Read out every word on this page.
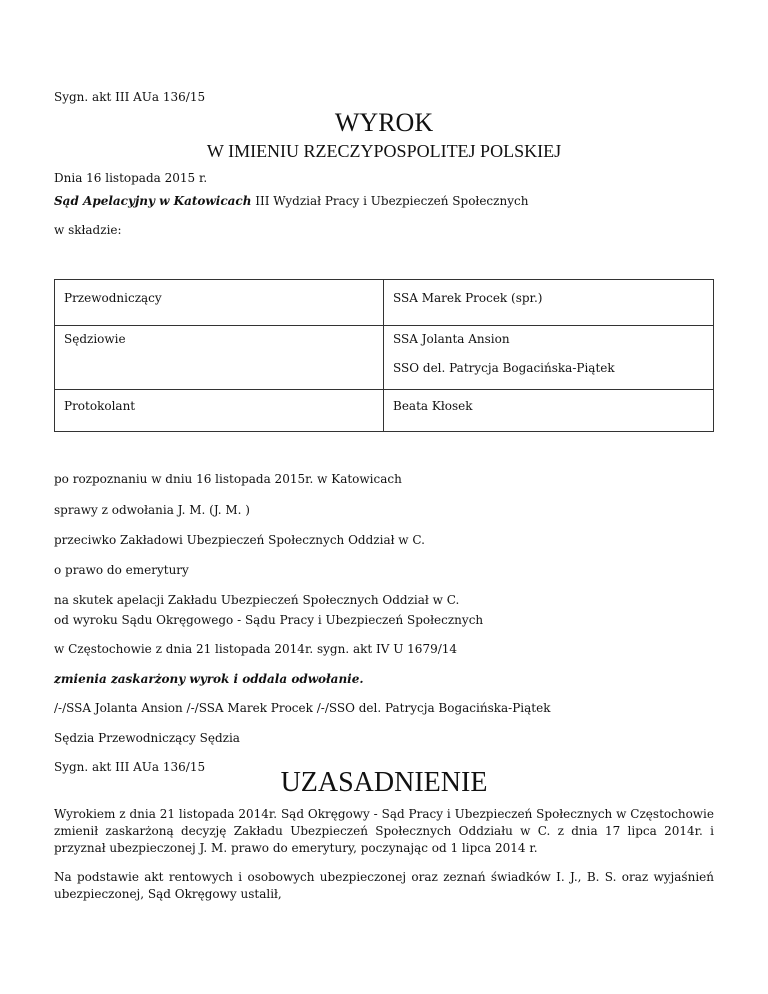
Sygn. akt III AUa 136/15
WYROK
W IMIENIU RZECZYPOSPOLITEJ POLSKIEJ
Dnia 16 listopada 2015 r.
Sąd Apelacyjny w Katowicach III Wydział Pracy i Ubezpieczeń Społecznych
w składzie:
Przewodniczący	SSA Marek Procek (spr.)

Sędziowie	SSA Jolanta Ansion
SSO del. Patrycja Bogacińska-Piątek

Protokolant	Beata Kłosek
po rozpoznaniu w dniu 16 listopada 2015r. w Katowicach
sprawy z odwołania J. M. (J. M. )
przeciwko Zakładowi Ubezpieczeń Społecznych Oddział w C.
o prawo do emerytury
na skutek apelacji Zakładu Ubezpieczeń Społecznych Oddział w C.
od wyroku Sądu Okręgowego - Sądu Pracy i Ubezpieczeń Społecznych
w Częstochowie z dnia 21 listopada 2014r. sygn. akt IV U 1679/14
zmienia zaskarżony wyrok i oddala odwołanie.
/-/SSA Jolanta Ansion /-/SSA Marek Procek /-/SSO del. Patrycja Bogacińska-Piątek
Sędzia Przewodniczący Sędzia
Sygn. akt III AUa 136/15	UZASADNIENIE
Wyrokiem z dnia 21 listopada 2014r. Sąd Okręgowy - Sąd Pracy i Ubezpieczeń Społecznych w Częstochowie zmienił zaskarżoną decyzję Zakładu Ubezpieczeń Społecznych Oddziału w C. z dnia 17 lipca 2014r. i przyznał ubezpieczonej J. M. prawo do emerytury, poczynając od 1 lipca 2014 r.
Na podstawie akt rentowych i osobowych ubezpieczonej oraz zeznań świadków I. J., B. S. oraz wyjaśnień ubezpieczonej, Sąd Okręgowy ustalił,
